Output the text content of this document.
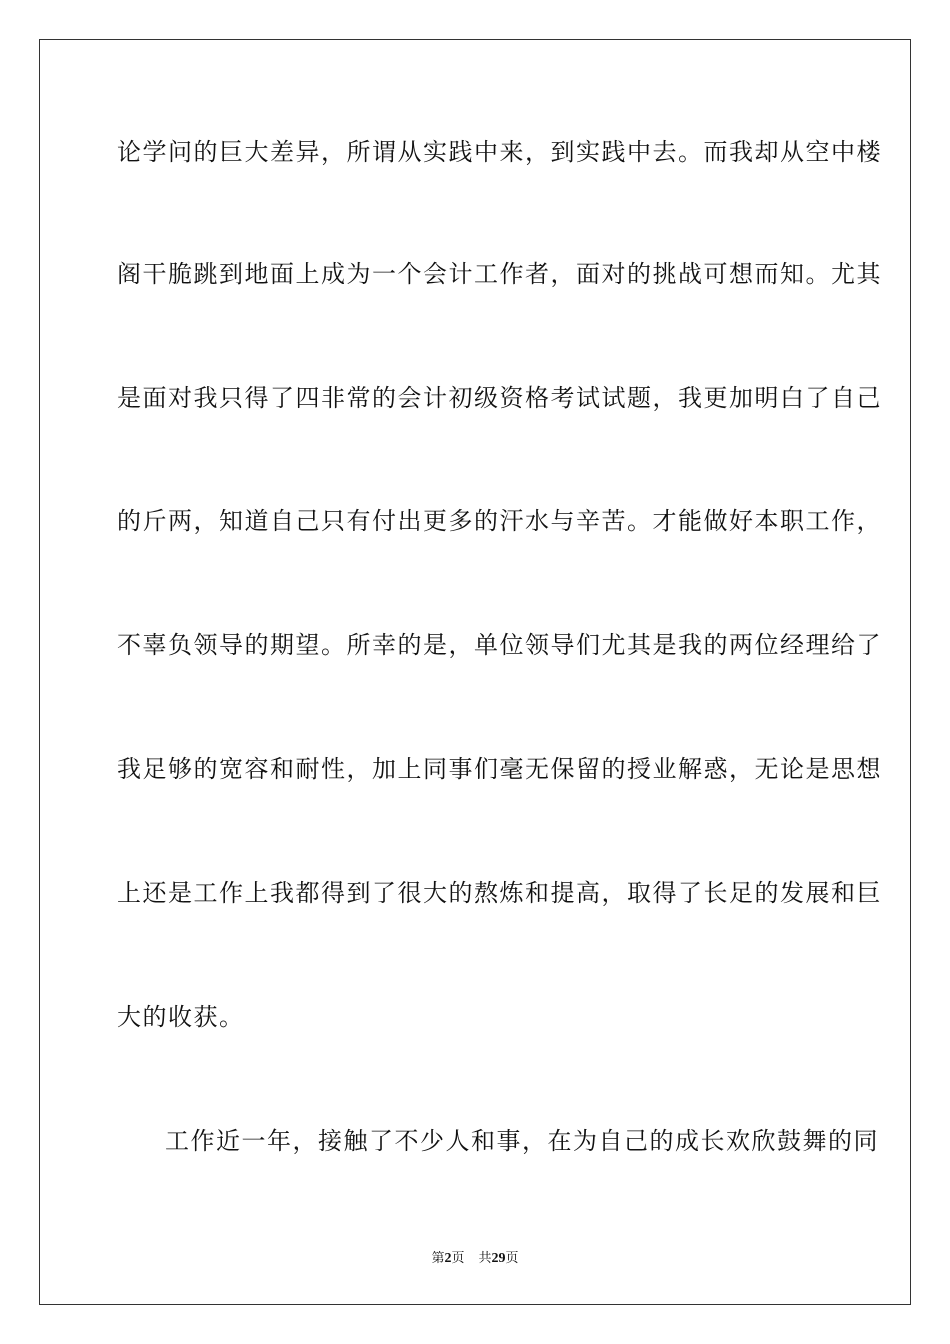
论学问的巨大差异，所谓从实践中来，到实践中去。而我却从空中楼
阁干脆跳到地面上成为一个会计工作者，面对的挑战可想而知。尤其
是面对我只得了四非常的会计初级资格考试试题，我更加明白了自己
的斤两，知道自己只有付出更多的汗水与辛苦。才能做好本职工作，
不辜负领导的期望。所幸的是，单位领导们尤其是我的两位经理给了
我足够的宽容和耐性，加上同事们毫无保留的授业解惑，无论是思想
上还是工作上我都得到了很大的熬炼和提高，取得了长足的发展和巨
大的收获。
工作近一年，接触了不少人和事，在为自己的成长欢欣鼓舞的同
第2页 共29页
